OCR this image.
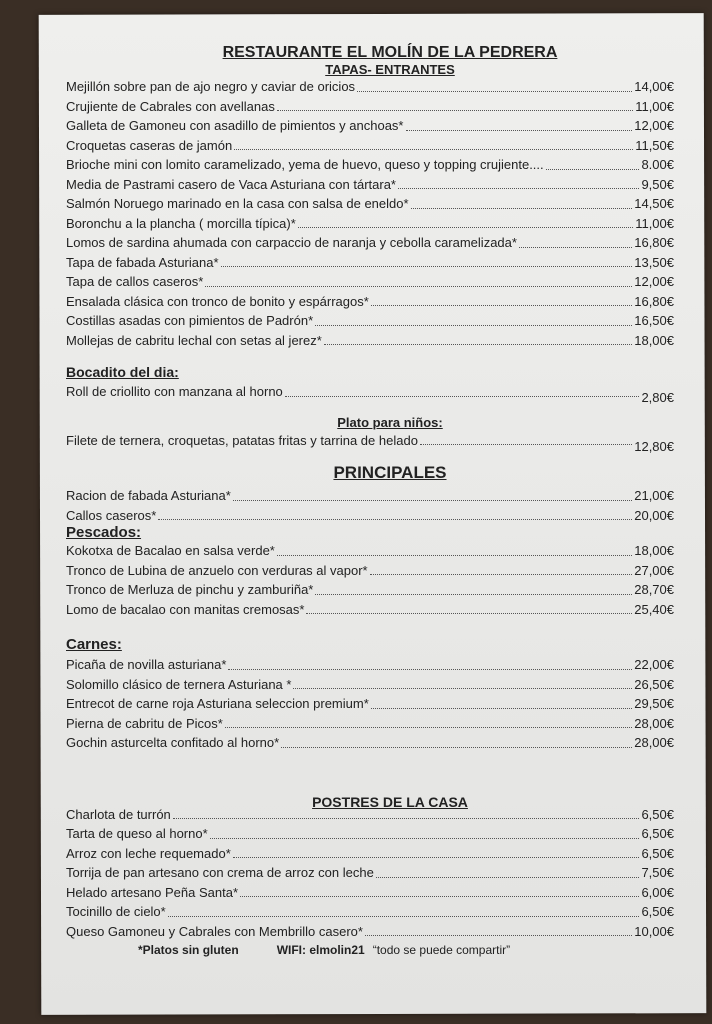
RESTAURANTE EL MOLÍN DE LA PEDRERA
TAPAS- ENTRANTES
Mejillón sobre pan de ajo negro y caviar de oricios	14,00€
Crujiente de Cabrales con avellanas	11,00€
Galleta de Gamoneu con asadillo de pimientos y anchoas*	12,00€
Croquetas caseras de jamón	11,50€
Brioche mini con lomito caramelizado, yema de huevo, queso y topping crujiente....	8.00€
Media de Pastrami casero de Vaca Asturiana con tártara*	9,50€
Salmón Noruego marinado en la casa con salsa de eneldo*	14,50€
Boronchu a la plancha ( morcilla típica)*	11,00€
Lomos de sardina ahumada con carpaccio de naranja y cebolla caramelizada*	16,80€
Tapa de fabada Asturiana*	13,50€
Tapa de callos caseros*	12,00€
Ensalada clásica con tronco de bonito y espárragos*	16,80€
Costillas asadas con pimientos de Padrón*	16,50€
Mollejas de cabritu lechal con setas al jerez*	18,00€
Bocadito del dia:
Roll de criollito con manzana al horno	2,80€
Plato para niños:
Filete de ternera, croquetas, patatas fritas y tarrina de helado	12,80€
PRINCIPALES
Racion de fabada Asturiana*	21,00€
Callos caseros*	20,00€
Pescados:
Kokotxa de Bacalao en salsa verde*	18,00€
Tronco de Lubina de anzuelo con verduras al vapor*	27,00€
Tronco de Merluza de pinchu y zamburiña*	28,70€
Lomo de bacalao con manitas cremosas*	25,40€
Carnes:
Picaña de novilla asturiana*	22,00€
Solomillo clásico de ternera Asturiana *	26,50€
Entrecot de carne roja Asturiana seleccion premium*	29,50€
Pierna de cabritu de Picos*	28,00€
Gochin asturcelta confitado al horno*	28,00€
POSTRES DE LA CASA
Charlota de turrón	6,50€
Tarta de queso al horno*	6,50€
Arroz con leche requemado*	6,50€
Torrija de pan artesano con crema de arroz con leche	7,50€
Helado artesano Peña Santa*	6,00€
Tocinillo de cielo*	6,50€
Queso Gamoneu y Cabrales con Membrillo casero*	10,00€
*Platos sin gluten	WIFI: elmolin21 “todo se puede compartir”
